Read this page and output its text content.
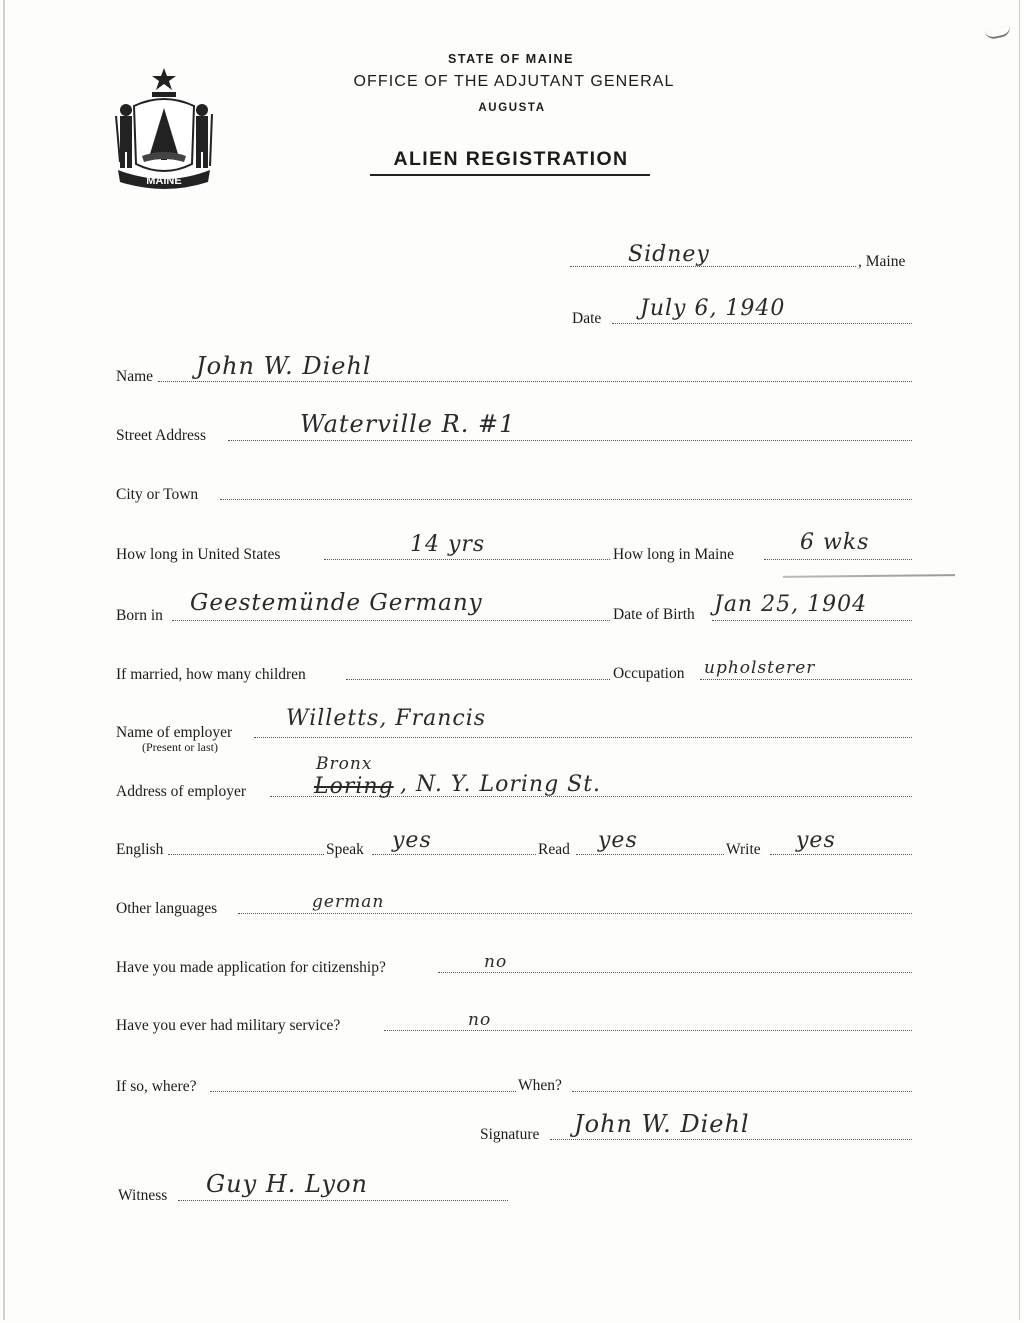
MAINE
STATE OF MAINE
OFFICE OF THE ADJUTANT GENERAL
AUGUSTA
ALIEN REGISTRATION
Sidney	, Maine
Date July 6, 1940
Name John W. Diehl
Street Address	Waterville R. #1
City or Town
How long in United States	14 yrs	How long in Maine	6 wks
Born in Geestemünde Germany	Date of Birth Jan 25, 1904
If married, how many children	Occupation upholsterer
Name of employer
(Present or last)
Willetts, Francis
Address of employer
Bronx
Loring , N. Y. Loring St.
English	Speak yes	Read yes	Write yes
Other languages	german
Have you made application for citizenship?	no
Have you ever had military service?	no
If so, where?	When?
Signature John W. Diehl
Witness Guy H. Lyon
